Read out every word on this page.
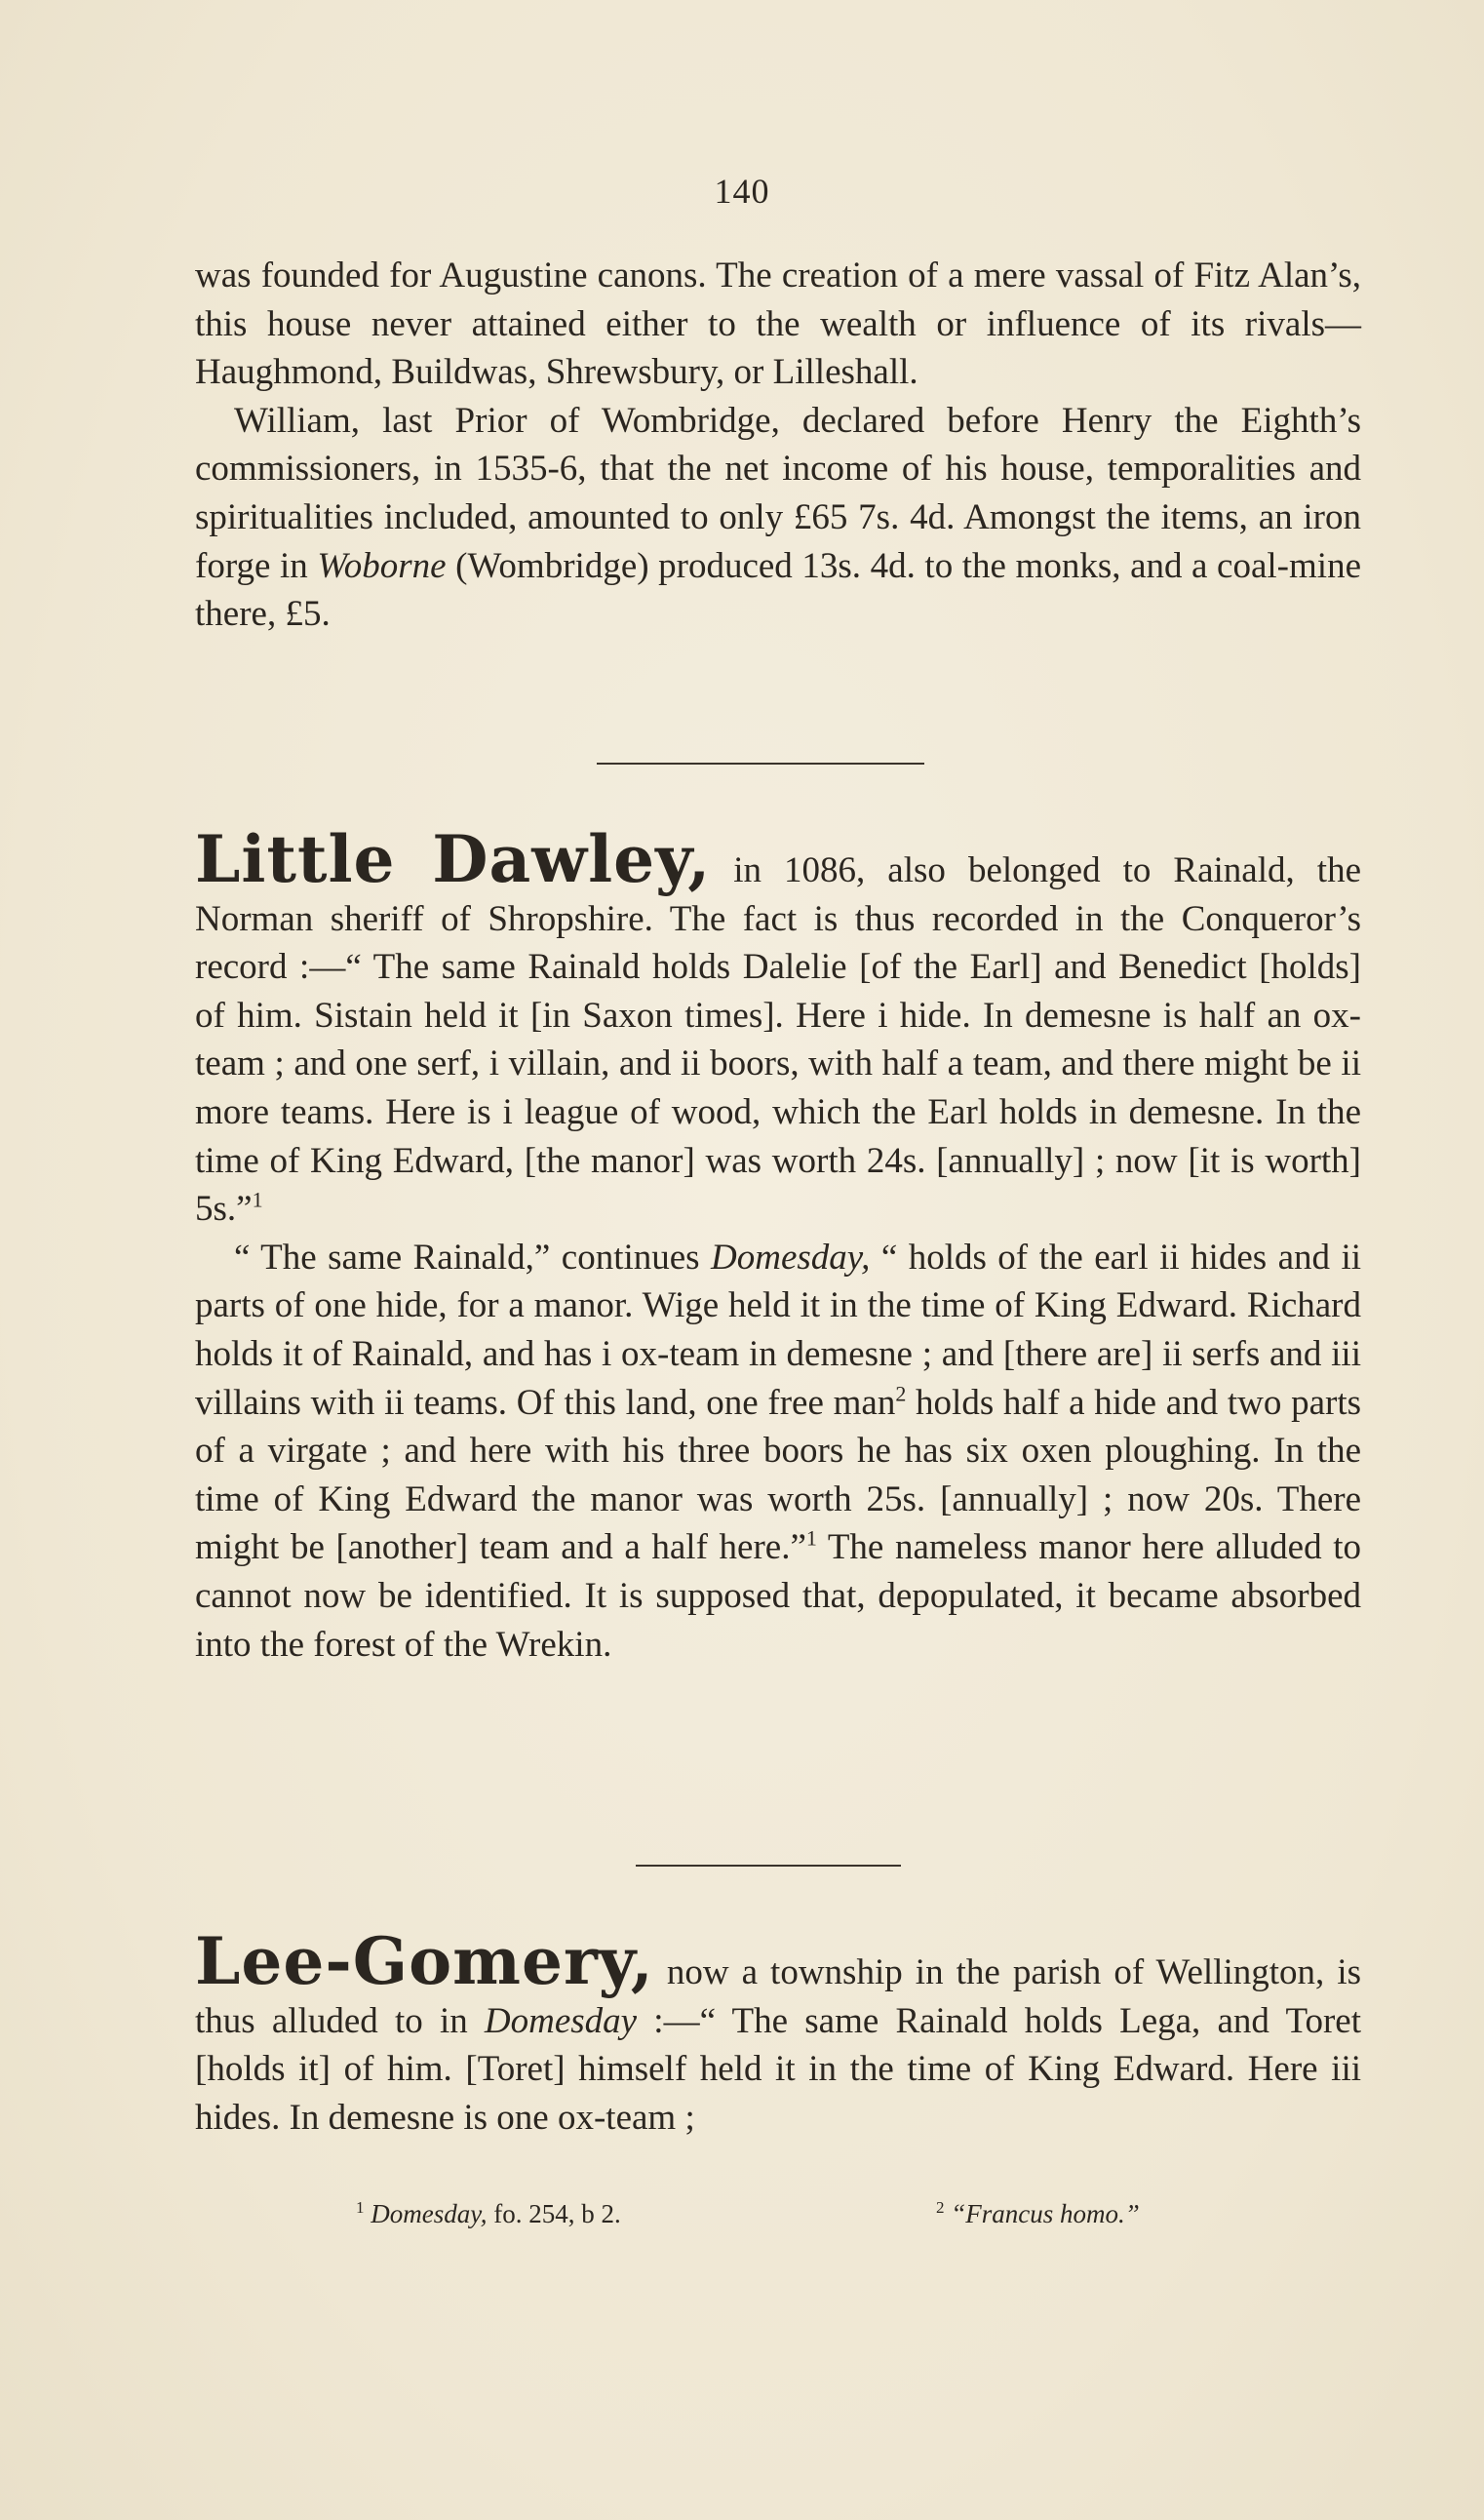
140

was founded for Augustine canons. The creation of a mere vassal of Fitz Alan’s, this house never attained either to the wealth or influence of its rivals—Haughmond, Buildwas, Shrewsbury, or Lilleshall.

William, last Prior of Wombridge, declared before Henry the Eighth’s commissioners, in 1535-6, that the net income of his house, temporalities and spiritualities included, amounted to only £65 7s. 4d. Amongst the items, an iron forge in Woborne (Wombridge) produced 13s. 4d. to the monks, and a coal-mine there, £5.

Little Dawley, in 1086, also belonged to Rainald, the Norman sheriff of Shropshire. The fact is thus recorded in the Conqueror’s record :—“ The same Rainald holds Dalelie [of the Earl] and Benedict [holds] of him. Sistain held it [in Saxon times]. Here i hide. In demesne is half an ox-team ; and one serf, i villain, and ii boors, with half a team, and there might be ii more teams. Here is i league of wood, which the Earl holds in demesne. In the time of King Edward, [the manor] was worth 24s. [annually] ; now [it is worth] 5s.”$^1$

“ The same Rainald,” continues Domesday, “ holds of the earl ii hides and ii parts of one hide, for a manor. Wige held it in the time of King Edward. Richard holds it of Rainald, and has i ox-team in demesne ; and [there are] ii serfs and iii villains with ii teams. Of this land, one free man$^2$ holds half a hide and two parts of a virgate ; and here with his three boors he has six oxen ploughing. In the time of King Edward the manor was worth 25s. [annually] ; now 20s. There might be [another] team and a half here.”$^1$ The nameless manor here alluded to cannot now be identified. It is supposed that, depopulated, it became absorbed into the forest of the Wrekin.

Lee-Gomery, now a township in the parish of Wellington, is thus alluded to in Domesday :—“ The same Rainald holds Lega, and Toret [holds it] of him. [Toret] himself held it in the time of King Edward. Here iii hides. In demesne is one ox-team ;

$^1$ Domesday, fo. 254, b 2.	$^2$ “Francus homo.”
